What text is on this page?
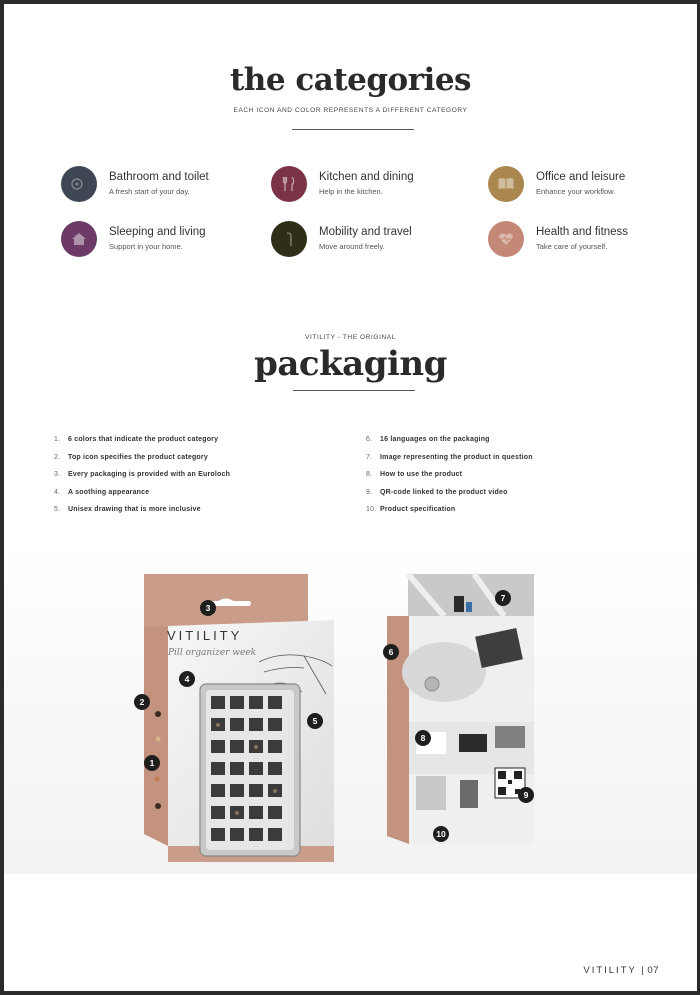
the categories
EACH ICON AND COLOR REPRESENTS A DIFFERENT CATEGORY
Bathroom and toilet
A fresh start of your day.
Kitchen and dining
Help in the kitchen.
Office and leisure
Enhance your workflow.
Sleeping and living
Support in your home.
Mobility and travel
Move around freely.
Health and fitness
Take care of yourself.
VITILITY - THE ORIGINAL
packaging
1. 6 colors that indicate the product category
2. Top icon specifies the product category
3. Every packaging is provided with an Euroloch
4. A soothing appearance
5. Unisex drawing that is more inclusive
6. 16 languages on the packaging
7. Image representing the product in question
8. How to use the product
9. QR-code linked to the product video
10. Product specification
3
4
2
5
1
7
6
8
9
10
VITILITY
Pill organizer week
VITILITY | 07
